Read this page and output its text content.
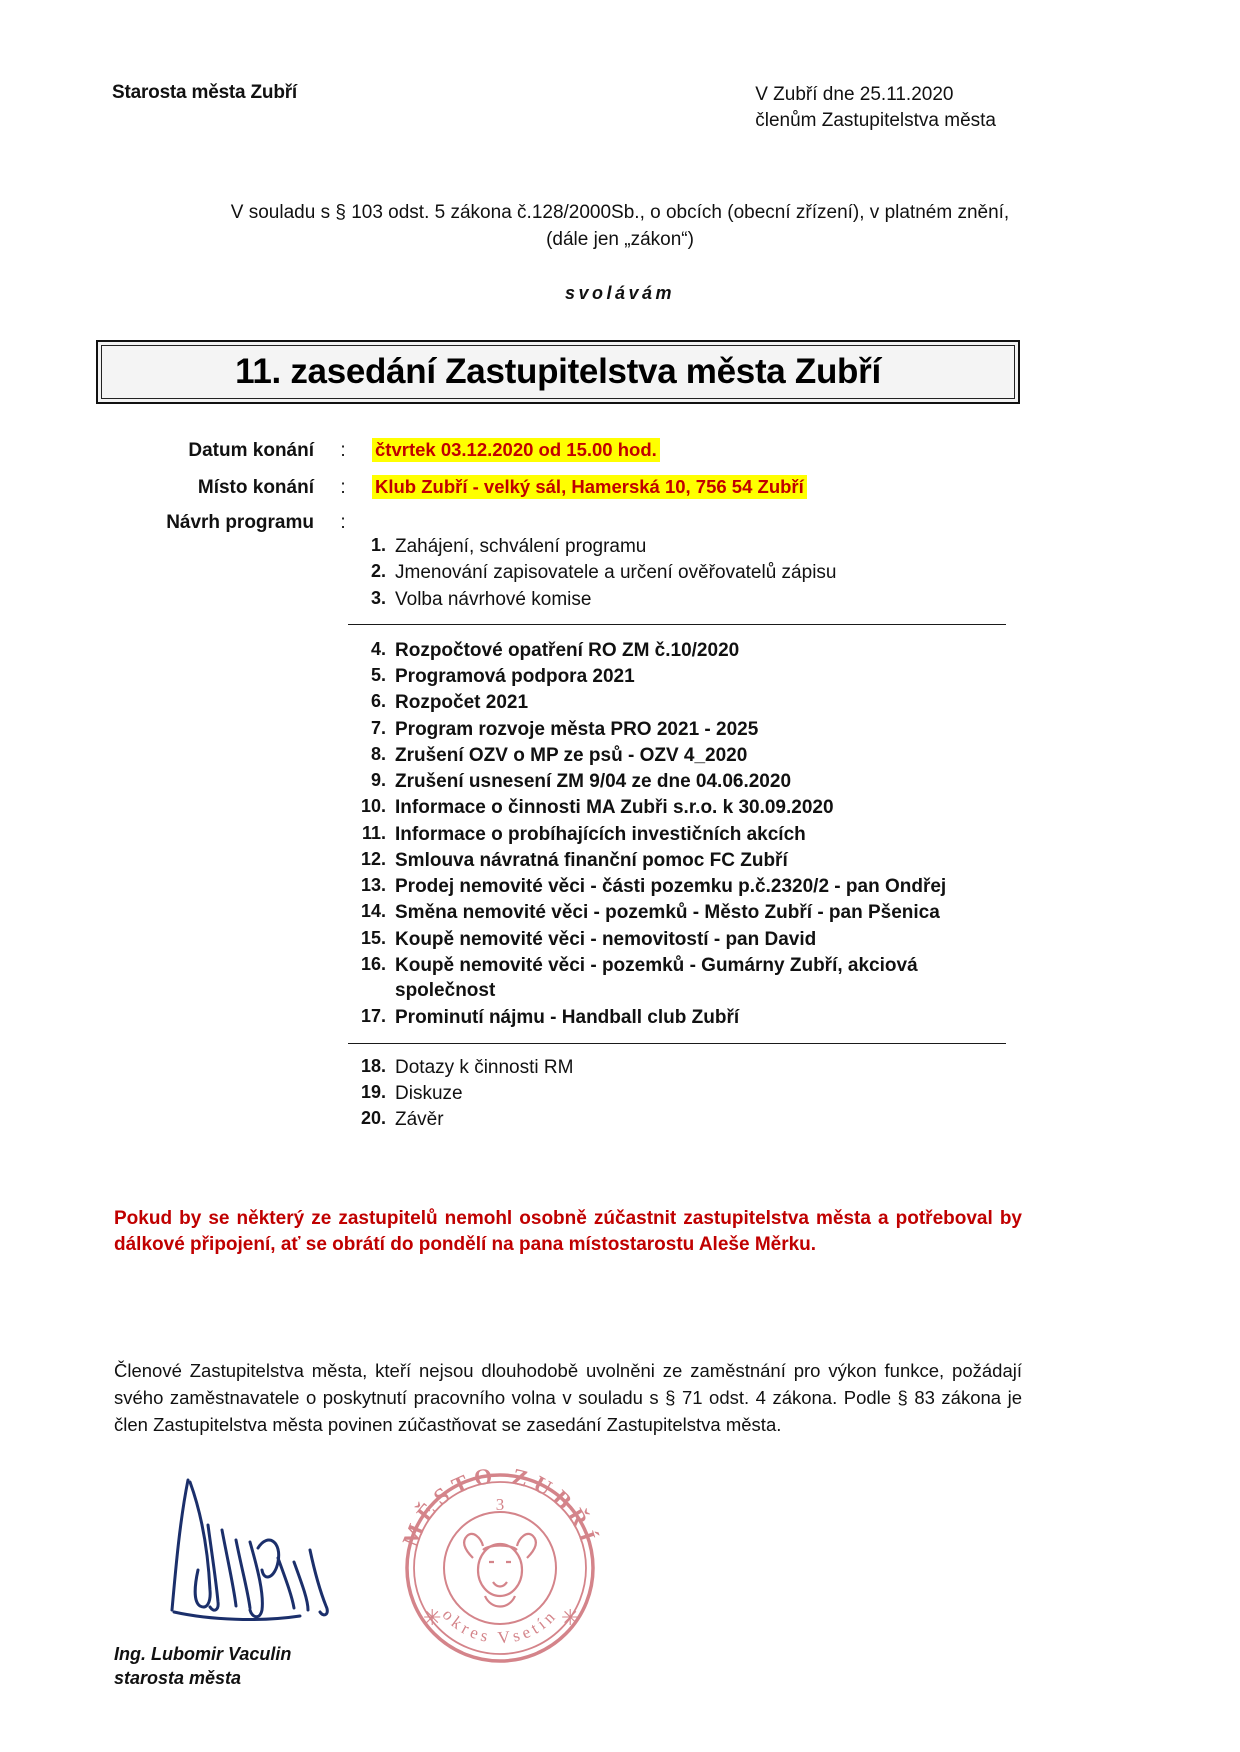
Starosta města Zubří	V Zubří dne 25.11.2020
členům Zastupitelstva města
V souladu s § 103 odst. 5 zákona č.128/2000Sb., o obcích (obecní zřízení), v platném znění,
(dále jen „zákon“)
svolávám
11. zasedání Zastupitelstva města Zubří
Datum konání	:	čtvrtek 03.12.2020 od 15.00 hod.
Místo konání	:	Klub Zubří - velký sál, Hamerská 10, 756 54 Zubří
Návrh programu	:
1. Zahájení, schválení programu
2. Jmenování zapisovatele a určení ověřovatelů zápisu
3. Volba návrhové komise
4. Rozpočtové opatření RO ZM č.10/2020
5. Programová podpora 2021
6. Rozpočet 2021
7. Program rozvoje města PRO 2021 - 2025
8. Zrušení OZV o MP ze psů - OZV 4_2020
9. Zrušení usnesení ZM 9/04 ze dne 04.06.2020
10. Informace o činnosti MA Zubři s.r.o. k 30.09.2020
11. Informace o probíhajících investičních akcích
12. Smlouva návratná finanční pomoc FC Zubří
13. Prodej nemovité věci - části pozemku p.č.2320/2 - pan Ondřej
14. Směna nemovité věci - pozemků - Město Zubří - pan Pšenica
15. Koupě nemovité věci - nemovitostí - pan David
16. Koupě nemovité věci - pozemků - Gumárny Zubří, akciová společnost
17. Prominutí nájmu - Handball club Zubří
18. Dotazy k činnosti RM
19. Diskuze
20. Závěr
Pokud by se některý ze zastupitelů nemohl osobně zúčastnit zastupitelstva města a potřeboval by dálkové připojení, ať se obrátí do pondělí na pana místostarostu Aleše Měrku.
Členové Zastupitelstva města, kteří nejsou dlouhodobě uvolněni ze zaměstnání pro výkon funkce, požádají svého zaměstnavatele o poskytnutí pracovního volna v souladu s § 71 odst. 4 zákona. Podle § 83 zákona je člen Zastupitelstva města povinen zúčastňovat se zasedání Zastupitelstva města.
MĚSTO ZUBŘÍ
okres Vsetín
3
✳	✳
Ing. Lubomir Vaculin
starosta města
